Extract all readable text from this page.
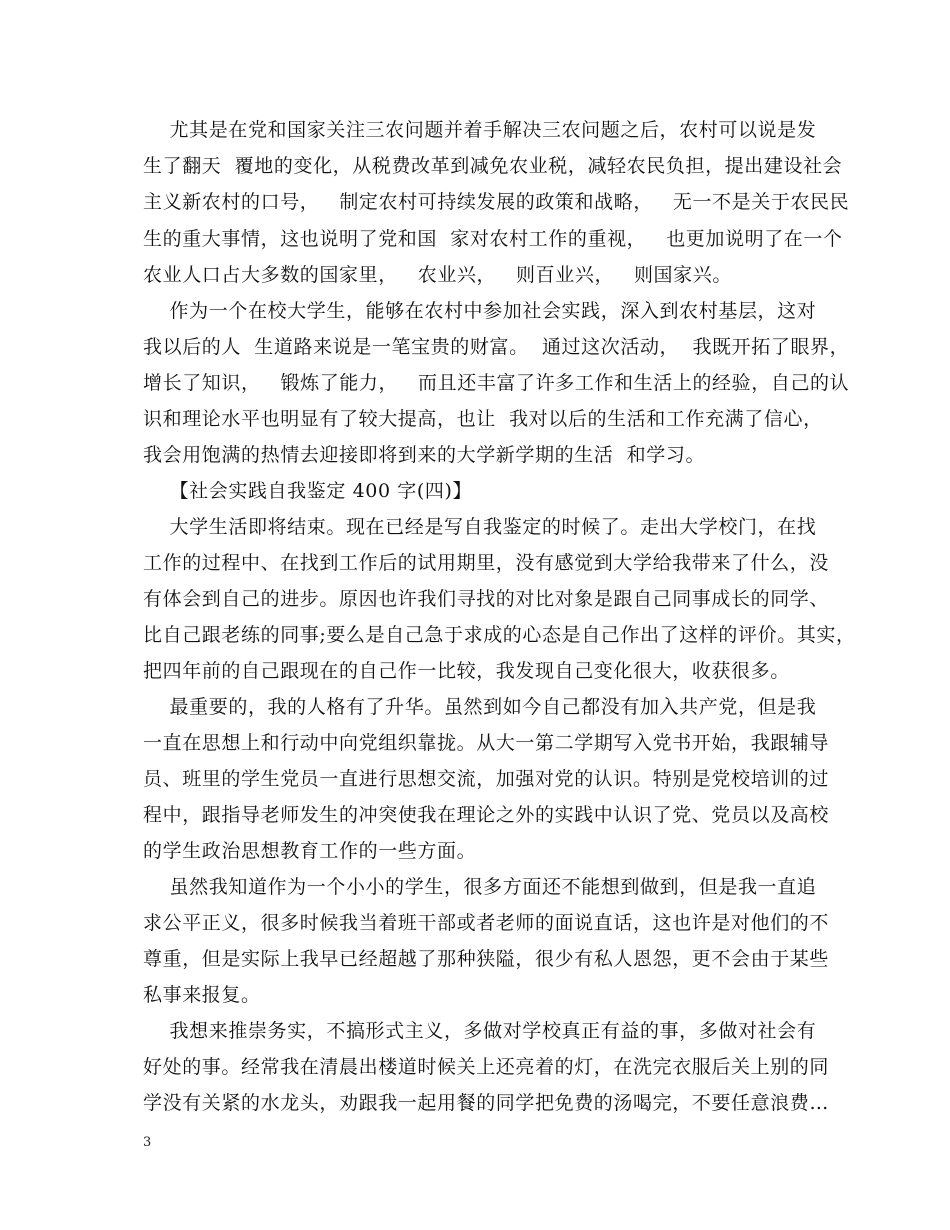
尤其是在党和国家关注三农问题并着手解决三农问题之后，农村可以说是发
生了翻天  覆地的变化，从税费改革到减免农业税，减轻农民负担，提出建设社会
主义新农村的口号，   制定农村可持续发展的政策和战略，   无一不是关于农民民
生的重大事情，这也说明了党和国  家对农村工作的重视，   也更加说明了在一个
农业人口占大多数的国家里，   农业兴，   则百业兴，   则国家兴。
作为一个在校大学生，能够在农村中参加社会实践，深入到农村基层，这对
我以后的人  生道路来说是一笔宝贵的财富。  通过这次活动，  我既开拓了眼界，
增长了知识，   锻炼了能力，   而且还丰富了许多工作和生活上的经验，自己的认
识和理论水平也明显有了较大提高，也让  我对以后的生活和工作充满了信心，
我会用饱满的热情去迎接即将到来的大学新学期的生活  和学习。
【社会实践自我鉴定 400 字(四)】
大学生活即将结束。现在已经是写自我鉴定的时候了。走出大学校门，在找
工作的过程中、在找到工作后的试用期里，没有感觉到大学给我带来了什么，没
有体会到自己的进步。原因也许我们寻找的对比对象是跟自己同事成长的同学、
比自己跟老练的同事;要么是自己急于求成的心态是自己作出了这样的评价。其实，
把四年前的自己跟现在的自己作一比较，我发现自己变化很大，收获很多。
最重要的，我的人格有了升华。虽然到如今自己都没有加入共产党，但是我
一直在思想上和行动中向党组织靠拢。从大一第二学期写入党书开始，我跟辅导
员、班里的学生党员一直进行思想交流，加强对党的认识。特别是党校培训的过
程中，跟指导老师发生的冲突使我在理论之外的实践中认识了党、党员以及高校
的学生政治思想教育工作的一些方面。
虽然我知道作为一个小小的学生，很多方面还不能想到做到，但是我一直追
求公平正义，很多时候我当着班干部或者老师的面说直话，这也许是对他们的不
尊重，但是实际上我早已经超越了那种狭隘，很少有私人恩怨，更不会由于某些
私事来报复。
我想来推崇务实，不搞形式主义，多做对学校真正有益的事，多做对社会有
好处的事。经常我在清晨出楼道时候关上还亮着的灯，在洗完衣服后关上别的同
学没有关紧的水龙头，劝跟我一起用餐的同学把免费的汤喝完，不要任意浪费…
3
